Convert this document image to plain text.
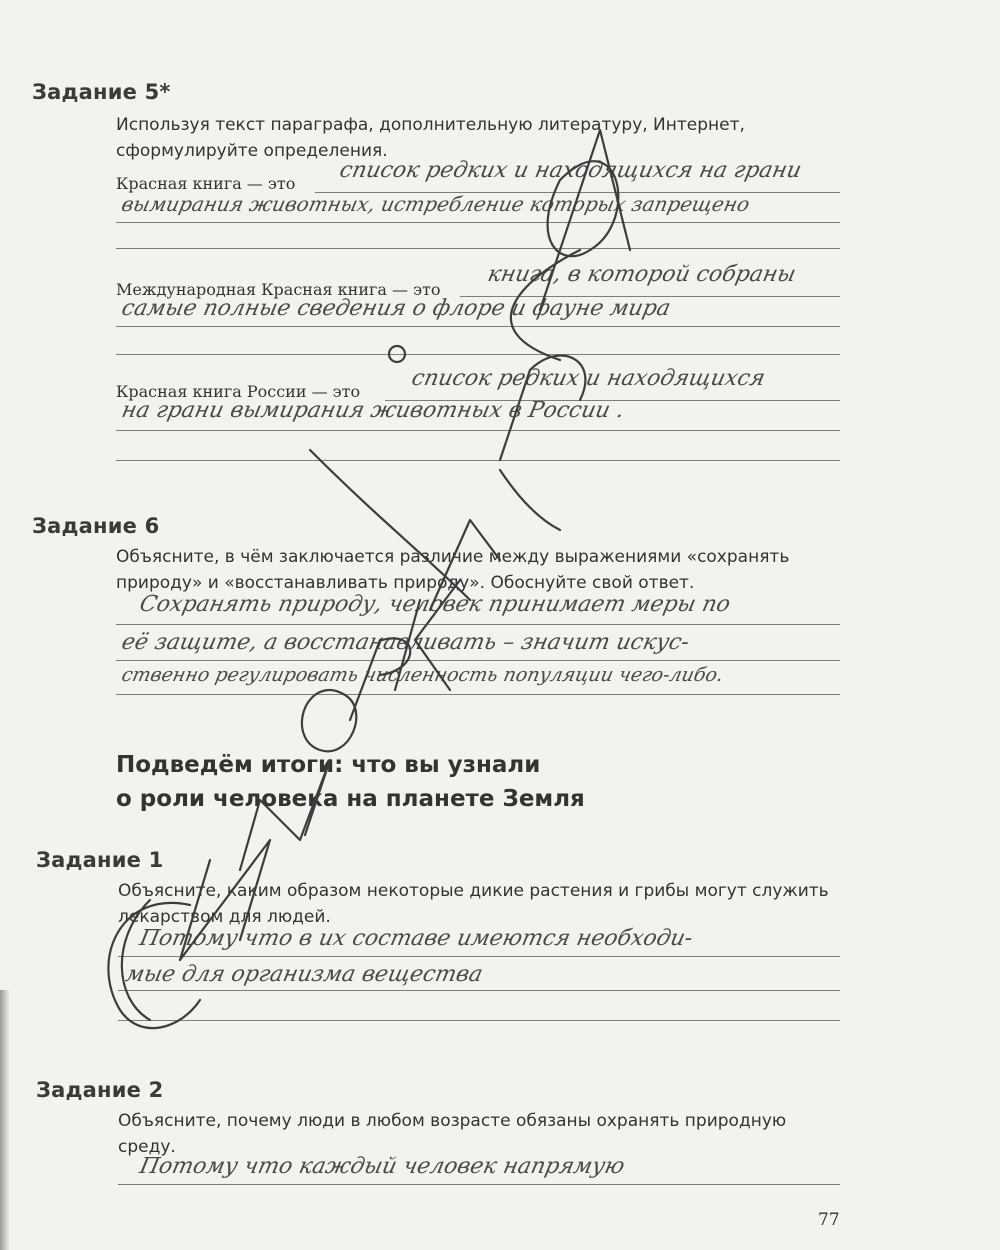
Задание 5*
Используя текст параграфа, дополнительную литературу, Интернет, сформулируйте определения.
Красная книга — это
список редких и находящихся на грани
вымирания животных, истребление которых запрещено
Международная Красная книга — это
книга, в которой собраны
самые полные сведения о флоре и фауне мира
Красная книга России — это
список редких и находящихся
на грани вымирания животных в России .
Задание 6
Объясните, в чём заключается различие между выражениями «сохранять природу» и «восстанавливать природу». Обоснуйте свой ответ.
Сохранять природу, человек принимает меры по
её защите, а восстанавливать – значит искус-
ственно регулировать численность популяции чего-либо.
Подведём итоги: что вы узнали
о роли человека на планете Земля
Задание 1
Объясните, каким образом некоторые дикие растения и грибы могут служить лекарством для людей.
Потому что в их составе имеются необходи-
мые для организма вещества
Задание 2
Объясните, почему люди в любом возрасте обязаны охранять природную среду.
Потому что каждый человек напрямую
77
